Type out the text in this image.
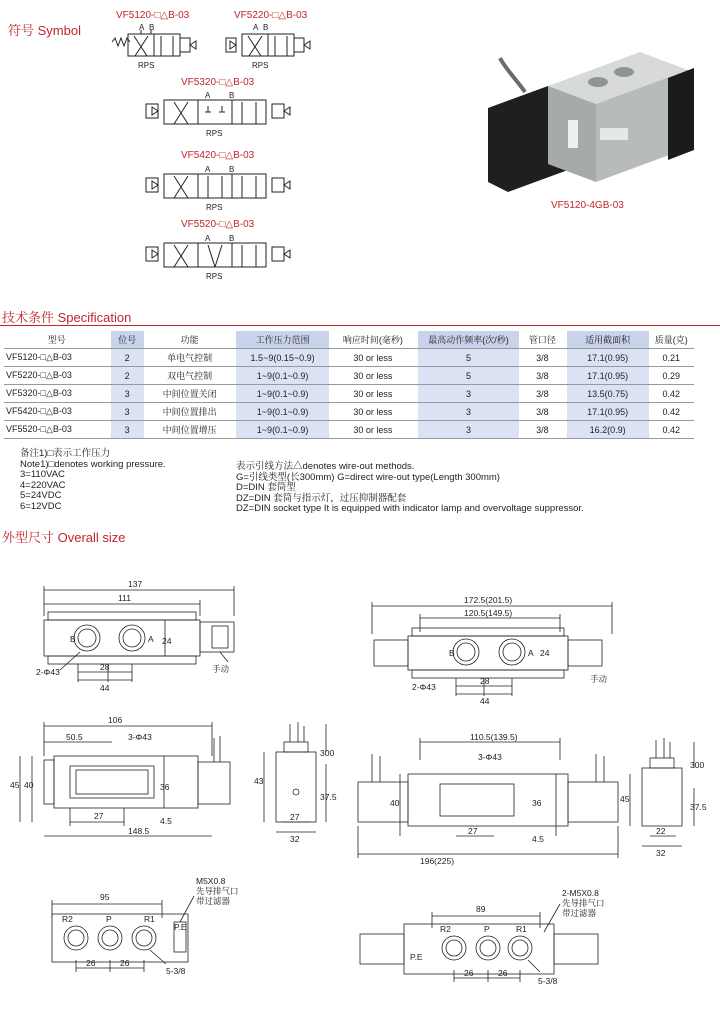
符号 Symbol
VF5120-□△B-03	VF5220-□△B-03
VF5320-□△B-03
VF5420-□△B-03
VF5520-□△B-03
A B
RPS
A B
RPS
A B
RPS
A B
RPS
A B
RPS
VF5120-4GB-03
技术条件 Specification
型号	位号	功能	工作压力范围	响应时间(毫秒)	最高动作频率(次/秒)	管口径	适用截面积	质量(克)
VF5120-□△B-03	2	单电气控制	1.5~9(0.15~0.9)	30 or less	5	3/8	17.1(0.95)	0.21
VF5220-□△B-03	2	双电气控制	1~9(0.1~0.9)	30 or less	5	3/8	17.1(0.95)	0.29
VF5320-□△B-03	3	中间位置关闭	1~9(0.1~0.9)	30 or less	3	3/8	13.5(0.75)	0.42
VF5420-□△B-03	3	中间位置排出	1~9(0.1~0.9)	30 or less	3	3/8	17.1(0.95)	0.42
VF5520-□△B-03	3	中间位置增压	1~9(0.1~0.9)	30 or less	3	3/8	16.2(0.9)	0.42
备注1)□表示工作压力
Note1)□denotes working pressure.
3=110VAC
4=220VAC
5=24VDC
6=12VDC
表示引线方法△denotes wire-out methods.
G=引线类型(长300mm) G=direct wire-out type(Length 300mm)
D=DIN 套筒型
DZ=DIN 套筒与指示灯，过压抑制器配套
DZ=DIN socket type It is equipped with indicator lamp and overvoltage suppressor.
外型尺寸 Overall size
137
111
24
2-Φ43	28
44
手动
B	A
172.5(201.5)
120.5(149.5)
24
2-Φ43
28
44
手动
B	A
106
50.5	3-Φ43
45 40	36
27	4.5
148.5
300
43
37.5
27
32
110.5(139.5)
3-Φ43
40	36
27
4.5
196(225)
300
45
37.5
22
32
95
M5X0.8
先导排气口
带过滤器
R2	P	R1
P.E
26	26
5-3/8
89
2-M5X0.8
先导排气口
带过滤器
R2	P	R1
P.E
26	26
5-3/8
